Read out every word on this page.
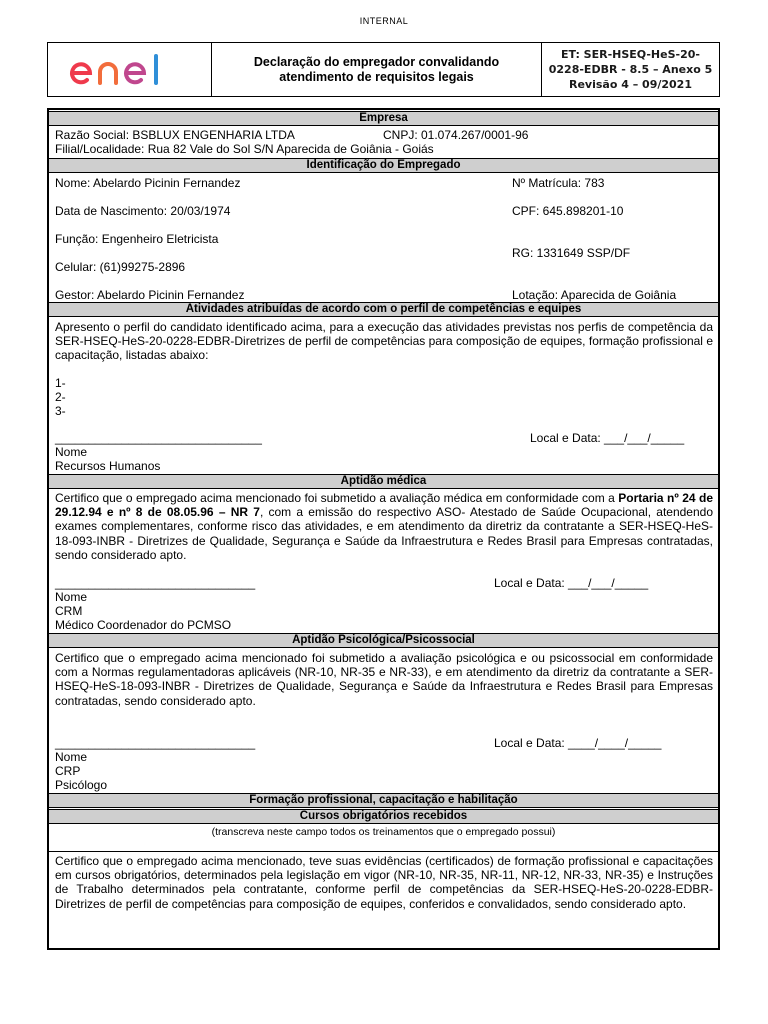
INTERNAL
enel
Declaração do empregador convalidando atendimento de requisitos legais
ET: SER-HSEQ-HeS-20-
0228-EDBR - 8.5 – Anexo 5
Revisão 4 – 09/2021
Empresa
Razão Social: BSBLUX ENGENHARIA LTDA	CNPJ: 01.074.267/0001-96
Filial/Localidade: Rua 82 Vale do Sol S/N Aparecida de Goiânia - Goiás
Identificação do Empregado
Nome: Abelardo Picinin Fernandez	Nº Matrícula: 783
Data de Nascimento: 20/03/1974	CPF: 645.898201-10
Função: Engenheiro Eletricista
RG: 1331649 SSP/DF
Celular: (61)99275-2896
Gestor: Abelardo Picinin Fernandez	Lotação: Aparecida de Goiânia
Atividades atribuídas de acordo com o perfil de competências e equipes
Apresento o perfil do candidato identificado acima, para a execução das atividades previstas nos perfis de competência da SER-HSEQ-HeS-20-0228-EDBR-Diretrizes de perfil de competências para composição de equipes, formação profissional e capacitação, listadas abaixo:
1-
2-
3-
_______________________________	Local e Data: ___/___/_____
Nome
Recursos Humanos
Aptidão médica
Certifico que o empregado acima mencionado foi submetido a avaliação médica em conformidade com a Portaria nº 24 de 29.12.94 e nº 8 de 08.05.96 – NR 7, com a emissão do respectivo ASO- Atestado de Saúde Ocupacional, atendendo exames complementares, conforme risco das atividades, e em atendimento da diretriz da contratante a SER-HSEQ-HeS-18-093-INBR - Diretrizes de Qualidade, Segurança e Saúde da Infraestrutura e Redes Brasil para Empresas contratadas, sendo considerado apto.
______________________________	Local e Data: ___/___/_____
Nome
CRM
Médico Coordenador do PCMSO
Aptidão Psicológica/Psicossocial
Certifico que o empregado acima mencionado foi submetido a avaliação psicológica e ou psicossocial em conformidade com a Normas regulamentadoras aplicáveis (NR-10, NR-35 e NR-33), e em atendimento da diretriz da contratante a SER-HSEQ-HeS-18-093-INBR - Diretrizes de Qualidade, Segurança e Saúde da Infraestrutura e Redes Brasil para Empresas contratadas, sendo considerado apto.
______________________________	Local e Data: ____/____/_____
Nome
CRP
Psicólogo
Formação profissional, capacitação e habilitação
Cursos obrigatórios recebidos
(transcreva neste campo todos os treinamentos que o empregado possui)
Certifico que o empregado acima mencionado, teve suas evidências (certificados) de formação profissional e capacitações em cursos obrigatórios, determinados pela legislação em vigor (NR-10, NR-35, NR-11, NR-12, NR-33, NR-35) e Instruções de Trabalho determinados pela contratante, conforme perfil de competências da SER-HSEQ-HeS-20-0228-EDBR-Diretrizes de perfil de competências para composição de equipes, conferidos e convalidados, sendo considerado apto.
